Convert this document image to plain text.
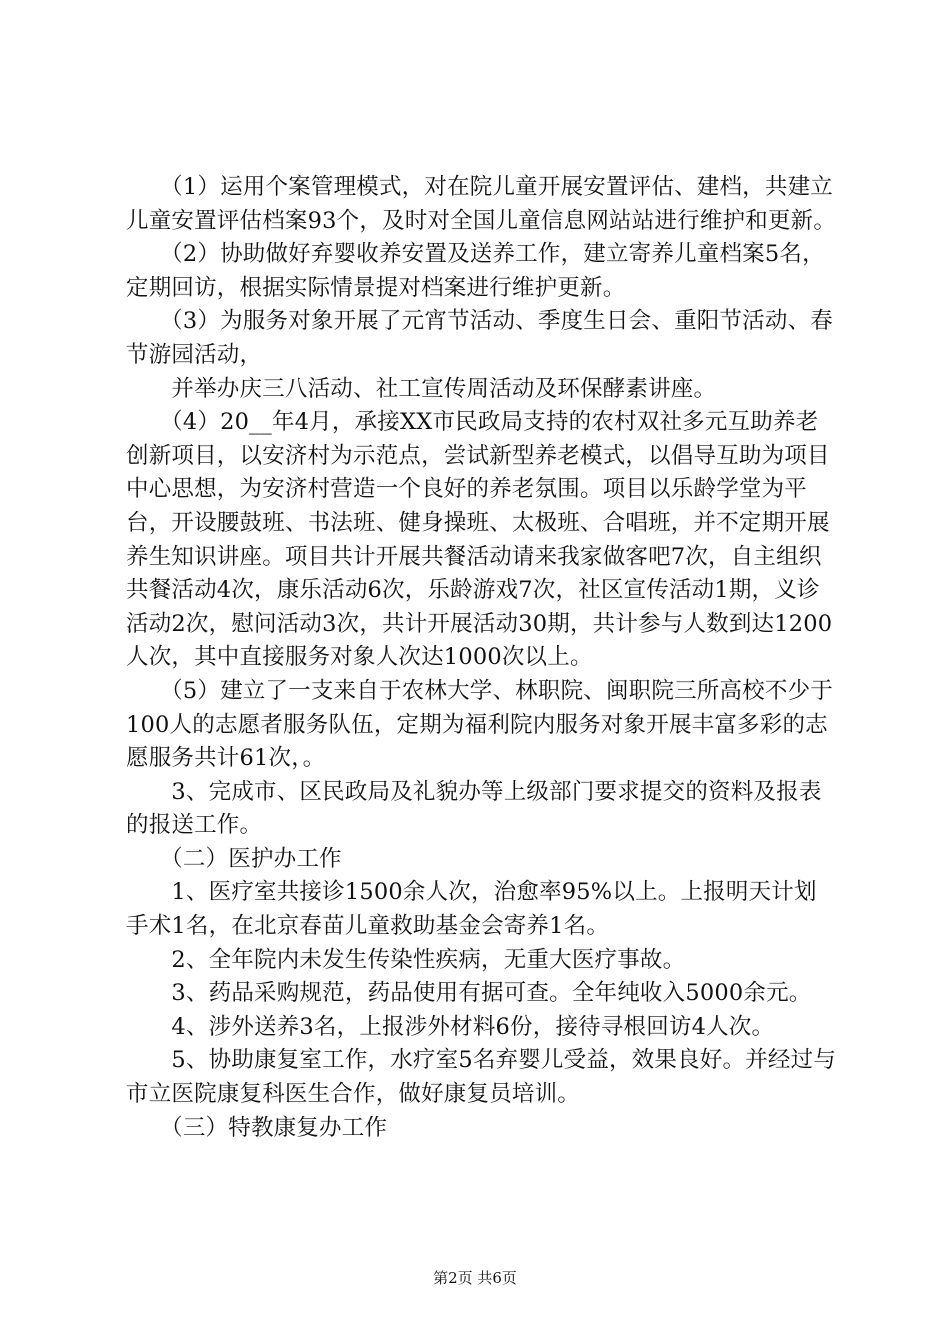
　　（1）运用个案管理模式，对在院儿童开展安置评估、建档，共建立儿童安置评估档案93个，及时对全国儿童信息网站站进行维护和更新。

　　（2）协助做好弃婴收养安置及送养工作，建立寄养儿童档案5名，定期回访，根据实际情景提对档案进行维护更新。

　　（3）为服务对象开展了元宵节活动、季度生日会、重阳节活动、春节游园活动，

　　并举办庆三八活动、社工宣传周活动及环保酵素讲座。

　　（4）20__年4月，承接XX市民政局支持的农村双社多元互助养老创新项目，以安济村为示范点，尝试新型养老模式，以倡导互助为项目中心思想，为安济村营造一个良好的养老氛围。项目以乐龄学堂为平台，开设腰鼓班、书法班、健身操班、太极班、合唱班，并不定期开展养生知识讲座。项目共计开展共餐活动请来我家做客吧7次，自主组织共餐活动4次，康乐活动6次，乐龄游戏7次，社区宣传活动1期，义诊活动2次，慰问活动3次，共计开展活动30期，共计参与人数到达1200人次，其中直接服务对象人次达1000次以上。

　　（5）建立了一支来自于农林大学、林职院、闽职院三所高校不少于100人的志愿者服务队伍，定期为福利院内服务对象开展丰富多彩的志愿服务共计61次，。

　　3、完成市、区民政局及礼貌办等上级部门要求提交的资料及报表的报送工作。

　　（二）医护办工作

　　1、医疗室共接诊1500余人次，治愈率95%以上。上报明天计划手术1名，在北京春苗儿童救助基金会寄养1名。

　　2、全年院内未发生传染性疾病，无重大医疗事故。

　　3、药品采购规范，药品使用有据可查。全年纯收入5000余元。

　　4、涉外送养3名，上报涉外材料6份，接待寻根回访4人次。

　　5、协助康复室工作，水疗室5名弃婴儿受益，效果良好。并经过与市立医院康复科医生合作，做好康复员培训。

　　（三）特教康复办工作

第2页 共6页
